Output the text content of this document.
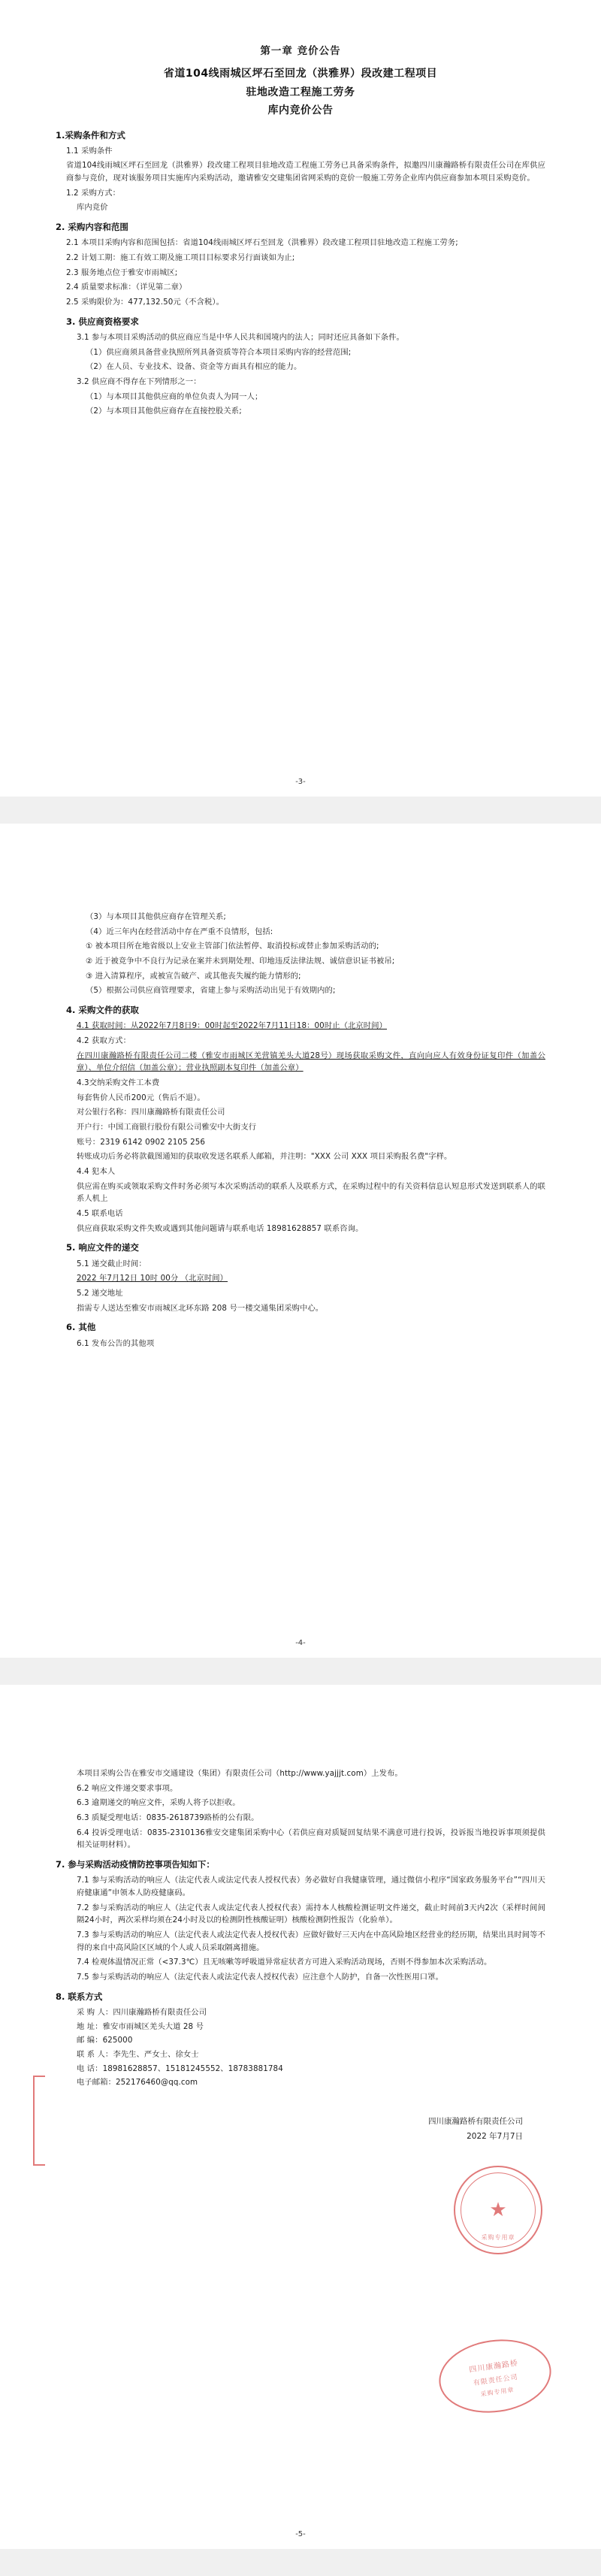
第一章 竞价公告
省道104线雨城区坪石至回龙（洪雅界）段改建工程项目
驻地改造工程施工劳务
库内竞价公告
1.采购条件和方式

1.1 采购条件

省道104线雨城区坪石至回龙（洪雅界）段改建工程项目驻地改造工程施工劳务已具备采购条件，拟邀四川康瀚路桥有限责任公司在库供应商参与竞价，现对该服务项目实施库内采购活动，邀请雅安交建集团省网采购的竞价一般施工劳务企业库内供应商参加本项目采购竞价。

1.2 采购方式：

库内竞价

2. 采购内容和范围

2.1 本项目采购内容和范围包括：省道104线雨城区坪石至回龙（洪雅界）段改建工程项目驻地改造工程施工劳务;

2.2 计划工期：施工有效工期及施工项目目标要求另行面谈如为止;

2.3 服务地点位于雅安市雨城区;

2.4 质量要求标准：（详见第二章）

2.5 采购限价为：477,132.50元（不含税）。

3. 供应商资格要求

3.1 参与本项目采购活动的供应商应当是中华人民共和国境内的法人；同时还应具备如下条件。

（1）供应商须具备营业执照所列具备资质等符合本项目采购内容的经营范围;

（2）在人员、专业技术、设备、资金等方面具有相应的能力。

3.2 供应商不得存在下列情形之一：

（1）与本项目其他供应商的单位负责人为同一人；

（2）与本项目其他供应商存在直接控股关系;

-3-

（3）与本项目其他供应商存在管理关系;

（4）近三年内在经营活动中存在严重不良情形，包括:

① 被本项目所在地省级以上安业主管部门依法暂停、取消投标或替止参加采购活动的;

② 近于被竞争中不良行为记录在案并未到期处理、印地违反法律法规、诚信意识证书被吊;

③ 进入清算程序，或被宣告破产、或其他丧失履约能力情形的;

（5）根据公司供应商管理要求，省建上参与采购活动出见于有效期内的;

4. 采购文件的获取

4.1 获取时间：从2022年7月8日9：00时起至2022年7月11日18：00时止（北京时间）

4.2 获取方式：

在四川康瀚路桥有限责任公司二楼（雅安市雨城区羌营镇羌头大道28号）现场获取采购文件，直向向应人有效身份证复印件（加盖公章）、单位介绍信（加盖公章）；营业执照副本复印件（加盖公章）

4.3交纳采购文件工本费

每套售价人民币200元（售后不退）。

对公银行名称：四川康瀚路桥有限责任公司

开户行：中国工商银行股份有限公司雅安中大街支行

账号：2319 6142 0902 2105 256

转账成功后务必将款截图通知的获取收发送名联系人邮箱，并注明："XXX 公司 XXX 项目采购报名费"字样。

4.4 犯本人

供应需在购买或领取采购文件时务必须写本次采购活动的联系人及联系方式，在采购过程中的有关资料信息认短息形式发送到联系人的联系人机上

4.5 联系电话

供应商获取采购文件失败或遇到其他问题请与联系电话 18981628857 联系咨询。

5. 响应文件的递交

5.1 递交截止时间：

2022 年7月12日 10时 00分 （北京时间）

5.2 递交地址

指需专人送达至雅安市雨城区北环东路 208 号一楼交通集团采购中心。

6. 其他

6.1 发布公告的其他项

-4-

本项目采购公告在雅安市交通建设（集团）有限责任公司（http://www.yajjjt.com）上发布。

6.2 响应文件递交要求事项。

6.3 逾期递交的响应文件，采购人将予以拒收。

6.3 质疑受理电话：0835-2618739路桥的公有限。

6.4 投诉受理电话：0835-2310136雅安交建集团采购中心（若供应商对质疑回复结果不满意可进行投诉，投诉报当地投诉事项须提供相关证明材料）。

7. 参与采购活动疫情防控事项告知如下：

7.1 参与采购活动的响应人（法定代表人或法定代表人授权代表）务必做好自我健康管理，通过微信小程序“国家政务服务平台”“四川天府健康通”申领本人防疫健康码。

7.2 参与采购活动的响应人（法定代表人或法定代表人授权代表）需持本人核酸检测证明文件递交，截止时间前3天内2次（采样时间间隔24小时，两次采样均须在24小时及以的检测阴性核酸证明）核酸检测阴性报告（化验单）。

7.3 参与采购活动的响应人（法定代表人或法定代表人授权代表）应做好做好三天内在中高风险地区经营业的经历期，结果出具时间等不得的来自中高风险区区域的个人或人员采取隔离措施。

7.4 检观体温情况正常（<37.3℃）且无咳嗽等呼吸道异常症状者方可进入采购活动现场，否则不得参加本次采购活动。

7.5 参与采购活动的响应人（法定代表人或法定代表人授权代表）应注意个人防护，自备一次性医用口罩。

8. 联系方式

采 购 人：四川康瀚路桥有限责任公司

地 址：雅安市雨城区羌头大道 28 号

邮 编：625000

联 系 人：李先生、严女士、徐女士

电 话：18981628857、15181245552、18783881784

电子邮箱：252176460@qq.com

四川康瀚路桥有限责任公司
2022 年7月7日
★
采购专用章
四川康瀚路桥
有限责任公司
采购专用章
-5-
